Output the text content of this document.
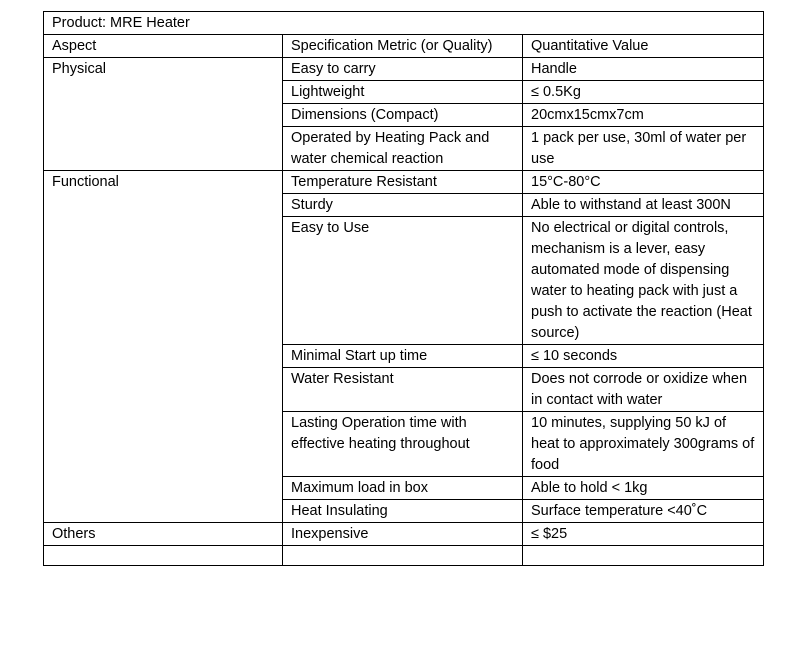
Product: MRE Heater		
Aspect	Specification Metric (or Quality)	Quantitative Value
Physical	Easy to carry	Handle
	Lightweight	≤ 0.5Kg
	Dimensions (Compact)	20cmx15cmx7cm
	Operated by Heating Pack and water chemical reaction	1 pack per use, 30ml of water per use
Functional	Temperature Resistant	15°C-80°C
	Sturdy	Able to withstand at least 300N
	Easy to Use	No electrical or digital controls, mechanism is a lever, easy automated mode of dispensing water to heating pack with just a push to activate the reaction (Heat source)
	Minimal Start up time	≤ 10 seconds
	Water Resistant	Does not corrode or oxidize when in contact with water
	Lasting Operation time with effective heating throughout	10 minutes, supplying 50 kJ of heat to approximately 300grams of food
	Maximum load in box	Able to hold < 1kg
	Heat Insulating	Surface temperature <40˚C
Others	Inexpensive	≤ $25
